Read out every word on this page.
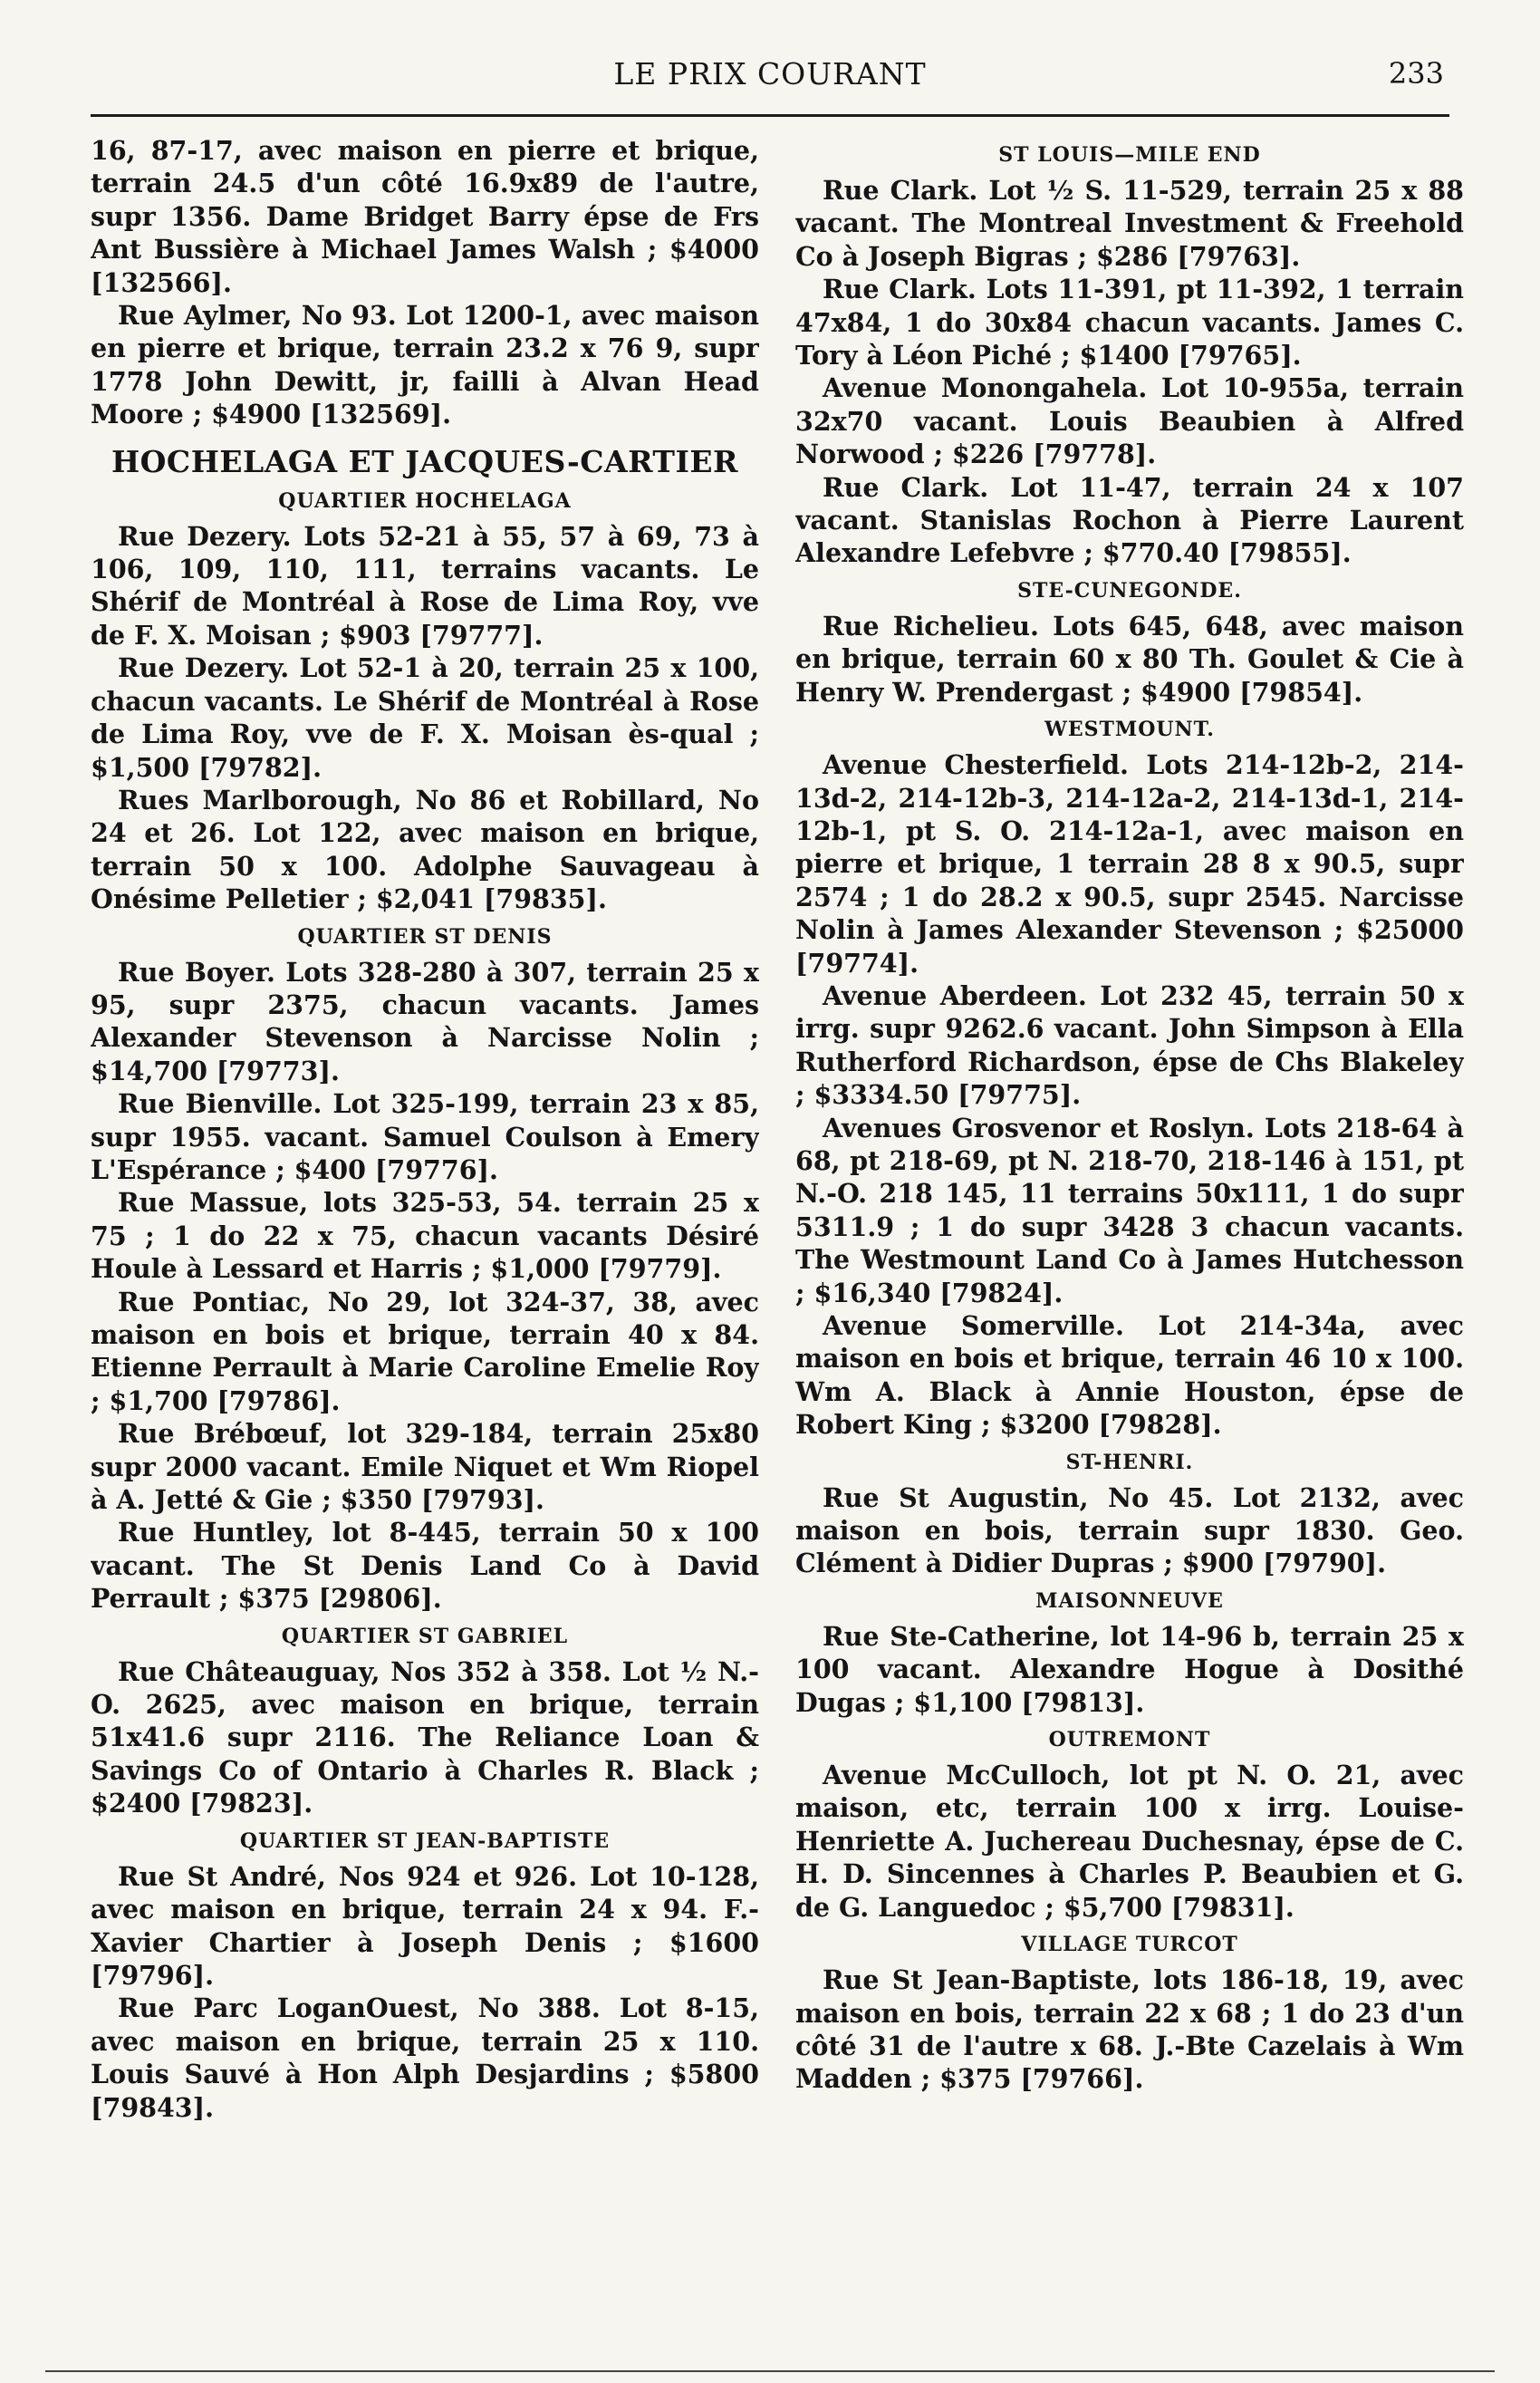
LE PRIX COURANT	233

16, 87-17, avec maison en pierre et brique, terrain 24.5 d'un côté 16.9x89 de l'autre, supr 1356. Dame Bridget Barry épse de Frs Ant Bussière à Michael James Walsh ; $4000 [132566].

Rue Aylmer, No 93. Lot 1200-1, avec maison en pierre et brique, terrain 23.2 x 76 9, supr 1778 John Dewitt, jr, failli à Alvan Head Moore ; $4900 [132569].

HOCHELAGA ET JACQUES-CARTIER
QUARTIER HOCHELAGA

Rue Dezery. Lots 52-21 à 55, 57 à 69, 73 à 106, 109, 110, 111, terrains vacants. Le Shérif de Montréal à Rose de Lima Roy, vve de F. X. Moisan ; $903 [79777].

Rue Dezery. Lot 52-1 à 20, terrain 25 x 100, chacun vacants. Le Shérif de Montréal à Rose de Lima Roy, vve de F. X. Moisan ès-qual ; $1,500 [79782].

Rues Marlborough, No 86 et Robillard, No 24 et 26. Lot 122, avec maison en brique, terrain 50 x 100. Adolphe Sauvageau à Onésime Pelletier ; $2,041 [79835].

QUARTIER ST DENIS

Rue Boyer. Lots 328-280 à 307, terrain 25 x 95, supr 2375, chacun vacants. James Alexander Stevenson à Narcisse Nolin ; $14,700 [79773].

Rue Bienville. Lot 325-199, terrain 23 x 85, supr 1955. vacant. Samuel Coulson à Emery L'Espérance ; $400 [79776].

Rue Massue, lots 325-53, 54. terrain 25 x 75 ; 1 do 22 x 75, chacun vacants Désiré Houle à Lessard et Harris ; $1,000 [79779].

Rue Pontiac, No 29, lot 324-37, 38, avec maison en bois et brique, terrain 40 x 84. Etienne Perrault à Marie Caroline Emelie Roy ; $1,700 [79786].

Rue Brébœuf, lot 329-184, terrain 25x80 supr 2000 vacant. Emile Niquet et Wm Riopel à A. Jetté & Gie ; $350 [79793].

Rue Huntley, lot 8-445, terrain 50 x 100 vacant. The St Denis Land Co à David Perrault ; $375 [29806].

QUARTIER ST GABRIEL

Rue Châteauguay, Nos 352 à 358. Lot ½ N.-O. 2625, avec maison en brique, terrain 51x41.6 supr 2116. The Reliance Loan & Savings Co of Ontario à Charles R. Black ; $2400 [79823].

QUARTIER ST JEAN-BAPTISTE

Rue St André, Nos 924 et 926. Lot 10-128, avec maison en brique, terrain 24 x 94. F.-Xavier Chartier à Joseph Denis ; $1600 [79796].

Rue Parc LoganOuest, No 388. Lot 8-15, avec maison en brique, terrain 25 x 110. Louis Sauvé à Hon Alph Desjardins ; $5800 [79843].

ST LOUIS—MILE END

Rue Clark. Lot ½ S. 11-529, terrain 25 x 88 vacant. The Montreal Investment & Freehold Co à Joseph Bigras ; $286 [79763].

Rue Clark. Lots 11-391, pt 11-392, 1 terrain 47x84, 1 do 30x84 chacun vacants. James C. Tory à Léon Piché ; $1400 [79765].

Avenue Monongahela. Lot 10-955a, terrain 32x70 vacant. Louis Beaubien à Alfred Norwood ; $226 [79778].

Rue Clark. Lot 11-47, terrain 24 x 107 vacant. Stanislas Rochon à Pierre Laurent Alexandre Lefebvre ; $770.40 [79855].

STE-CUNEGONDE.

Rue Richelieu. Lots 645, 648, avec maison en brique, terrain 60 x 80 Th. Goulet & Cie à Henry W. Prendergast ; $4900 [79854].

WESTMOUNT.

Avenue Chesterfield. Lots 214-12b-2, 214-13d-2, 214-12b-3, 214-12a-2, 214-13d-1, 214-12b-1, pt S. O. 214-12a-1, avec maison en pierre et brique, 1 terrain 28 8 x 90.5, supr 2574 ; 1 do 28.2 x 90.5, supr 2545. Narcisse Nolin à James Alexander Stevenson ; $25000 [79774].

Avenue Aberdeen. Lot 232 45, terrain 50 x irrg. supr 9262.6 vacant. John Simpson à Ella Rutherford Richardson, épse de Chs Blakeley ; $3334.50 [79775].

Avenues Grosvenor et Roslyn. Lots 218-64 à 68, pt 218-69, pt N. 218-70, 218-146 à 151, pt N.-O. 218 145, 11 terrains 50x111, 1 do supr 5311.9 ; 1 do supr 3428 3 chacun vacants. The Westmount Land Co à James Hutchesson ; $16,340 [79824].

Avenue Somerville. Lot 214-34a, avec maison en bois et brique, terrain 46 10 x 100. Wm A. Black à Annie Houston, épse de Robert King ; $3200 [79828].

ST-HENRI.

Rue St Augustin, No 45. Lot 2132, avec maison en bois, terrain supr 1830. Geo. Clément à Didier Dupras ; $900 [79790].

MAISONNEUVE

Rue Ste-Catherine, lot 14-96 b, terrain 25 x 100 vacant. Alexandre Hogue à Dosithé Dugas ; $1,100 [79813].

OUTREMONT

Avenue McCulloch, lot pt N. O. 21, avec maison, etc, terrain 100 x irrg. Louise-Henriette A. Juchereau Duchesnay, épse de C. H. D. Sincennes à Charles P. Beaubien et G. de G. Languedoc ; $5,700 [79831].

VILLAGE TURCOT

Rue St Jean-Baptiste, lots 186-18, 19, avec maison en bois, terrain 22 x 68 ; 1 do 23 d'un côté 31 de l'autre x 68. J.-Bte Cazelais à Wm Madden ; $375 [79766].
